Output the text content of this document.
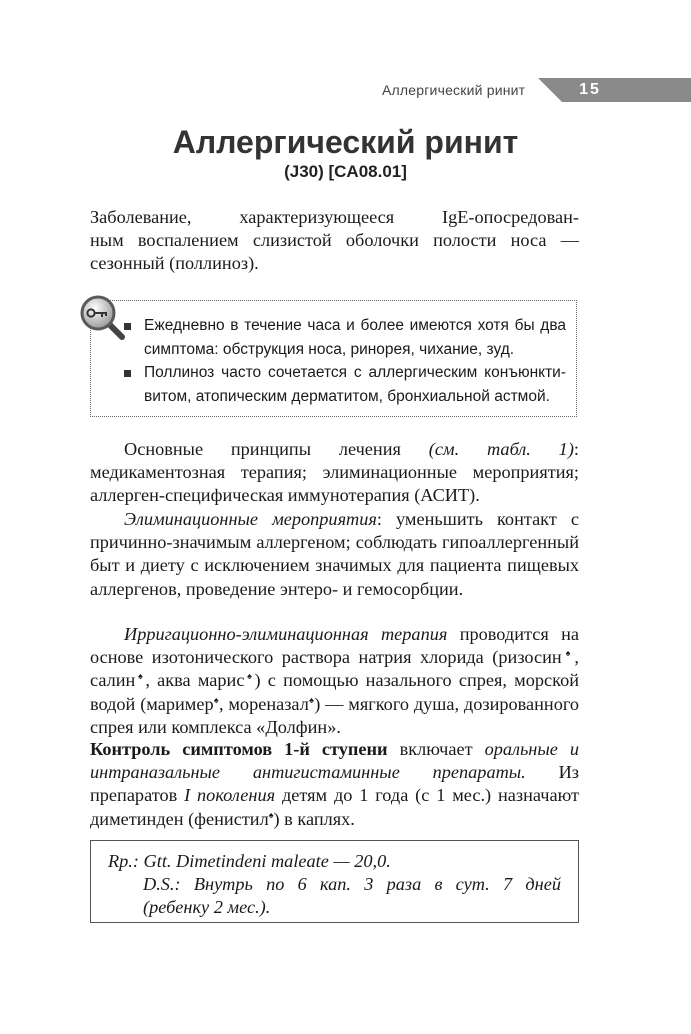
Аллергический ринит	15
Аллергический ринит
(J30) [CA08.01]
Заболевание, характеризующееся IgE-опосредован-
ным воспалением слизистой оболочки полости носа —
сезонный (поллиноз).
Ежедневно в течение часа и более имеются хотя бы два симптома: обструкция носа, ринорея, чихание, зуд.
Поллиноз часто сочетается с аллергическим конъюнкти-витом, атопическим дерматитом, бронхиальной астмой.

Основные принципы лечения (см. табл. 1): медикаментозная терапия; элиминационные мероприятия; аллерген-специфическая иммунотерапия (АСИТ).

Элиминационные мероприятия: уменьшить контакт с причинно-значимым аллергеном; соблюдать гипоаллергенный быт и диету с исключением значимых для пациента пищевых аллергенов, проведение энтеро- и гемосорбции.

Ирригационно-элиминационная терапия проводится на основе изотонического раствора натрия хлорида (ризосин♠, салин♠, аква марис♠) с помощью назального спрея, морской водой (маример♠, мореназал♠) — мягкого душа, дозированного спрея или комплекса «Долфин».

Контроль симптомов 1-й ступени включает оральные и интраназальные антигистаминные препараты. Из препаратов I поколения детям до 1 года (с 1 мес.) назначают диметинден (фенистил♠) в каплях.

Rp.: Gtt. Dimetindeni maleate — 20,0.

D.S.: Внутрь по 6 кап. 3 раза в сут. 7 дней

(ребенку 2 мес.).
